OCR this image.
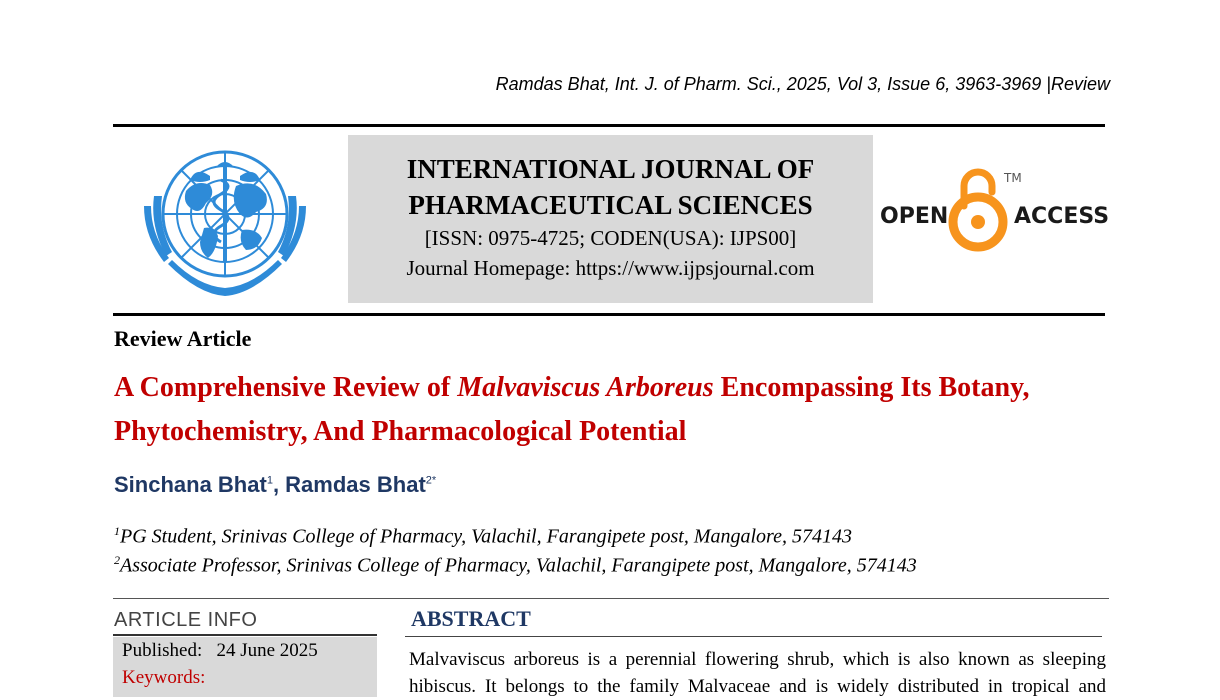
Ramdas Bhat, Int. J. of Pharm. Sci., 2025, Vol 3, Issue 6, 3963-3969 |Review
INTERNATIONAL JOURNAL OF
PHARMACEUTICAL SCIENCES
[ISSN: 0975-4725; CODEN(USA): IJPS00]
Journal Homepage: https://www.ijpsjournal.com
OPEN	ACCESS
TM
Review Article
A Comprehensive Review of Malvaviscus Arboreus Encompassing Its Botany, Phytochemistry, And Pharmacological Potential
Sinchana Bhat$^1$, Ramdas Bhat$^{2*}$
$^1$PG Student, Srinivas College of Pharmacy, Valachil, Farangipete post, Mangalore, 574143
$^2$Associate Professor, Srinivas College of Pharmacy, Valachil, Farangipete post, Mangalore, 574143
ARTICLE INFO
Published: 24 June 2025
Keywords:
ABSTRACT
Malvaviscus arboreus is a perennial flowering shrub, which is also known as sleeping hibiscus. It belongs to the family Malvaceae and is widely distributed in tropical and
